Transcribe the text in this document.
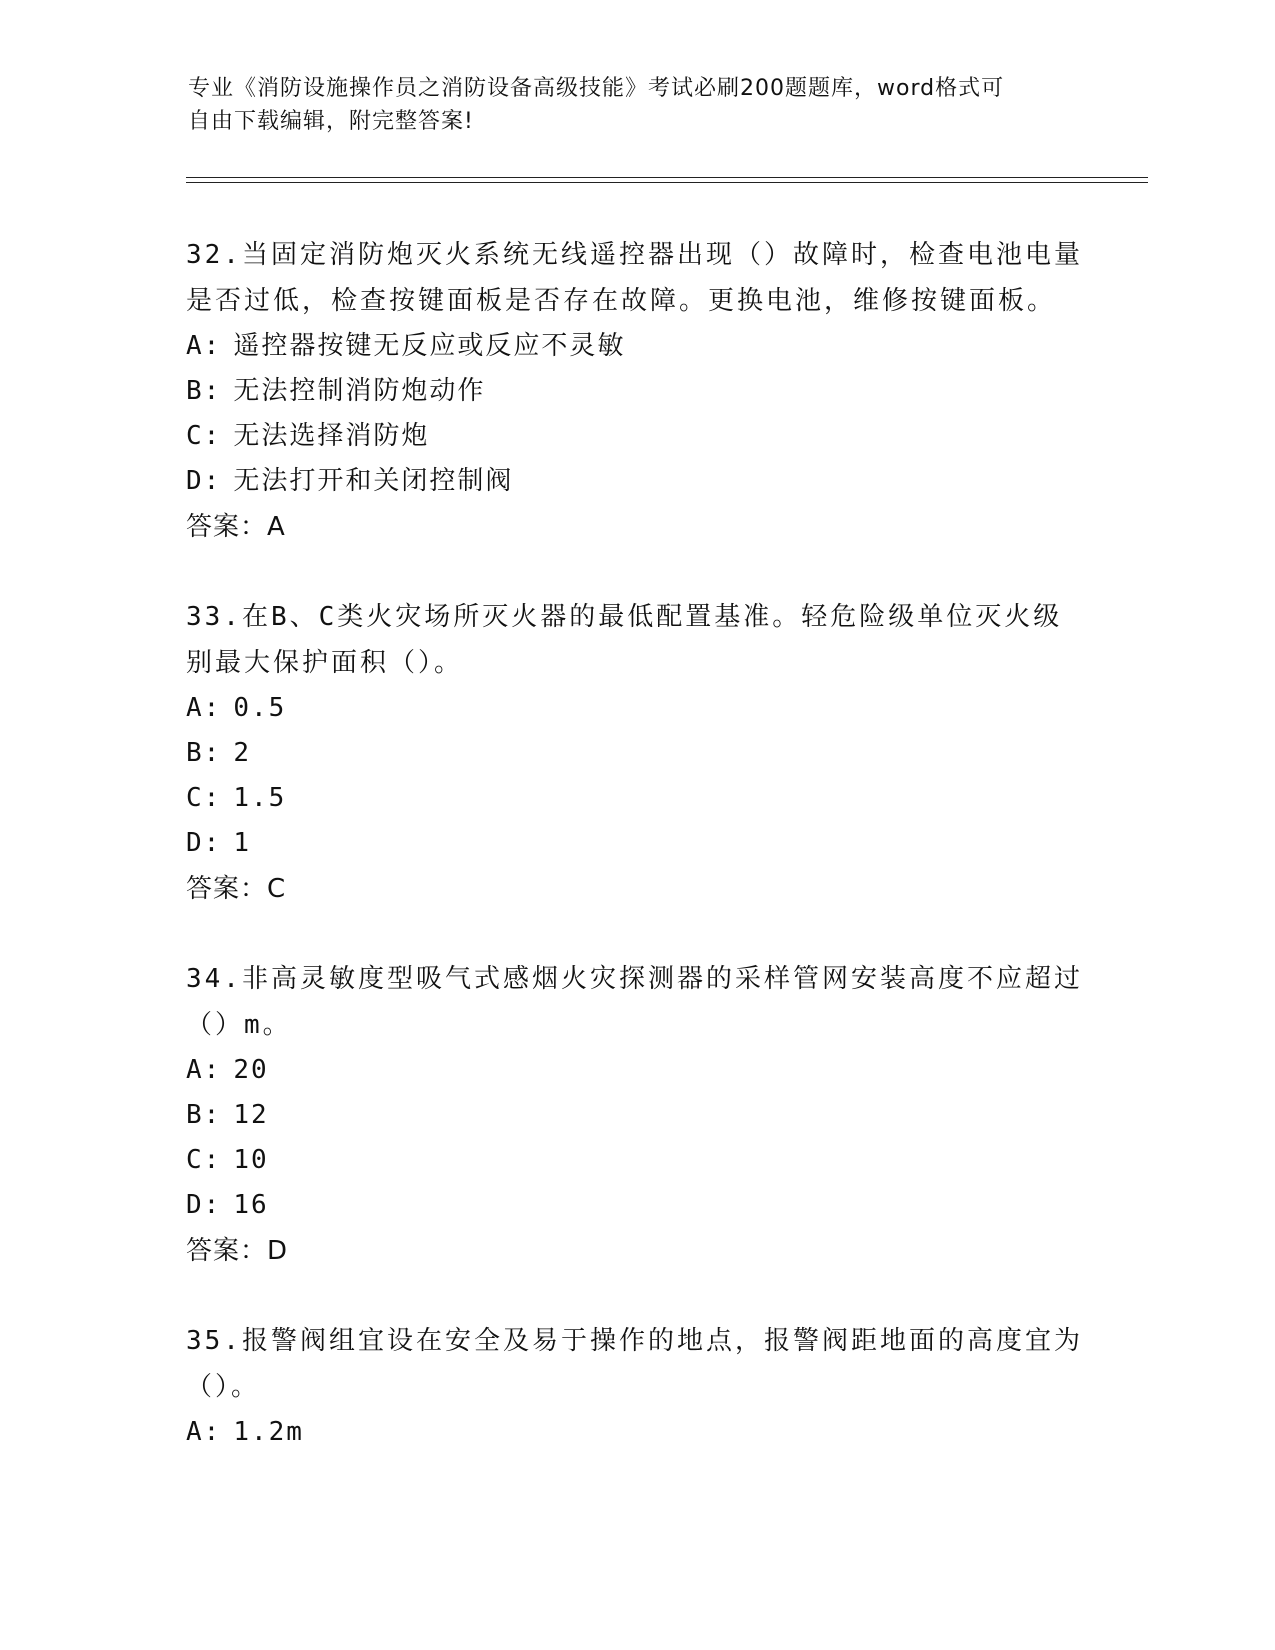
专业《消防设施操作员之消防设备高级技能》考试必刷200题题库，word格式可
自由下载编辑，附完整答案!

32.当固定消防炮灭火系统无线遥控器出现（）故障时，检查电池电量是否过低，检查按键面板是否存在故障。更换电池，维修按键面板。

A: 遥控器按键无反应或反应不灵敏

B: 无法控制消防炮动作

C: 无法选择消防炮

D: 无法打开和关闭控制阀

答案：A

33.在B、C类火灾场所灭火器的最低配置基准。轻危险级单位灭火级别最大保护面积（）。

A: 0.5

B: 2

C: 1.5

D: 1

答案：C

34.非高灵敏度型吸气式感烟火灾探测器的采样管网安装高度不应超过（）m。

A: 20

B: 12

C: 10

D: 16

答案：D

35.报警阀组宜设在安全及易于操作的地点，报警阀距地面的高度宜为（）。

A: 1.2m
